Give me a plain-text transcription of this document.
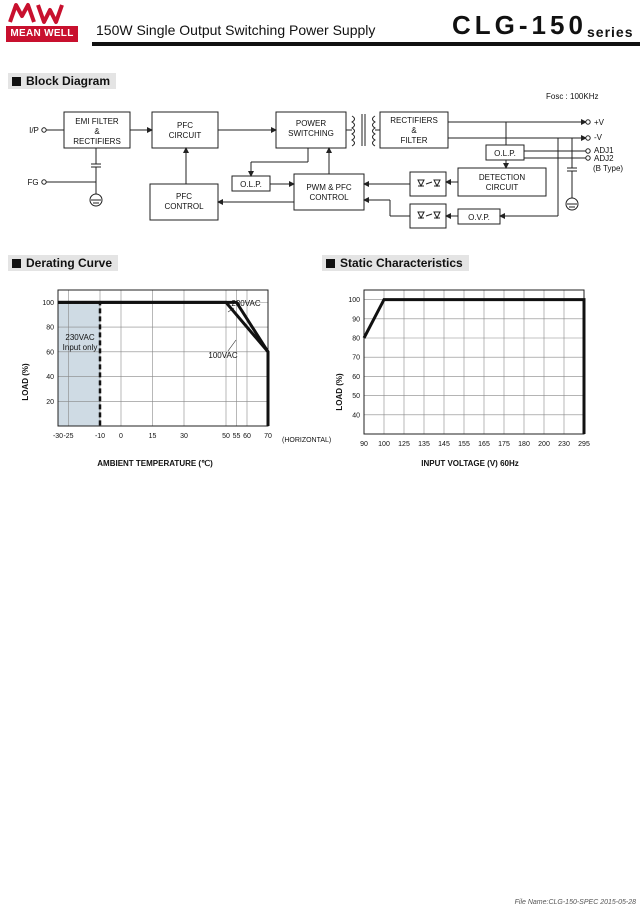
MEAN WELL	150W Single Output Switching Power Supply	CLG-150 series
Block Diagram
I/P
FG
EMI FILTER
&
RECTIFIERS
PFC
CIRCUIT
POWER
SWITCHING
RECTIFIERS
&
FILTER
PFC
CONTROL
O.L.P.	PWM & PFC
CONTROL
O.L.P.
DETECTION
CIRCUIT
O.V.P.
Fosc : 100KHz
+V
-V
ADJ1
ADJ2
(B Type)
Derating Curve
-30 -25	-10 0	15	30	50 55 60 70
20
40
60
80
100
(HORIZONTAL)
230VAC
100VAC
230VAC
Input only
LOAD (%)
AMBIENT TEMPERATURE (℃)
Static Characteristics
90 100 125 135 145 155 165 175 180 200 230 295
40
50
60
70
80
90
100
LOAD (%)
INPUT VOLTAGE (V) 60Hz
File Name:CLG-150-SPEC 2015-05-28
